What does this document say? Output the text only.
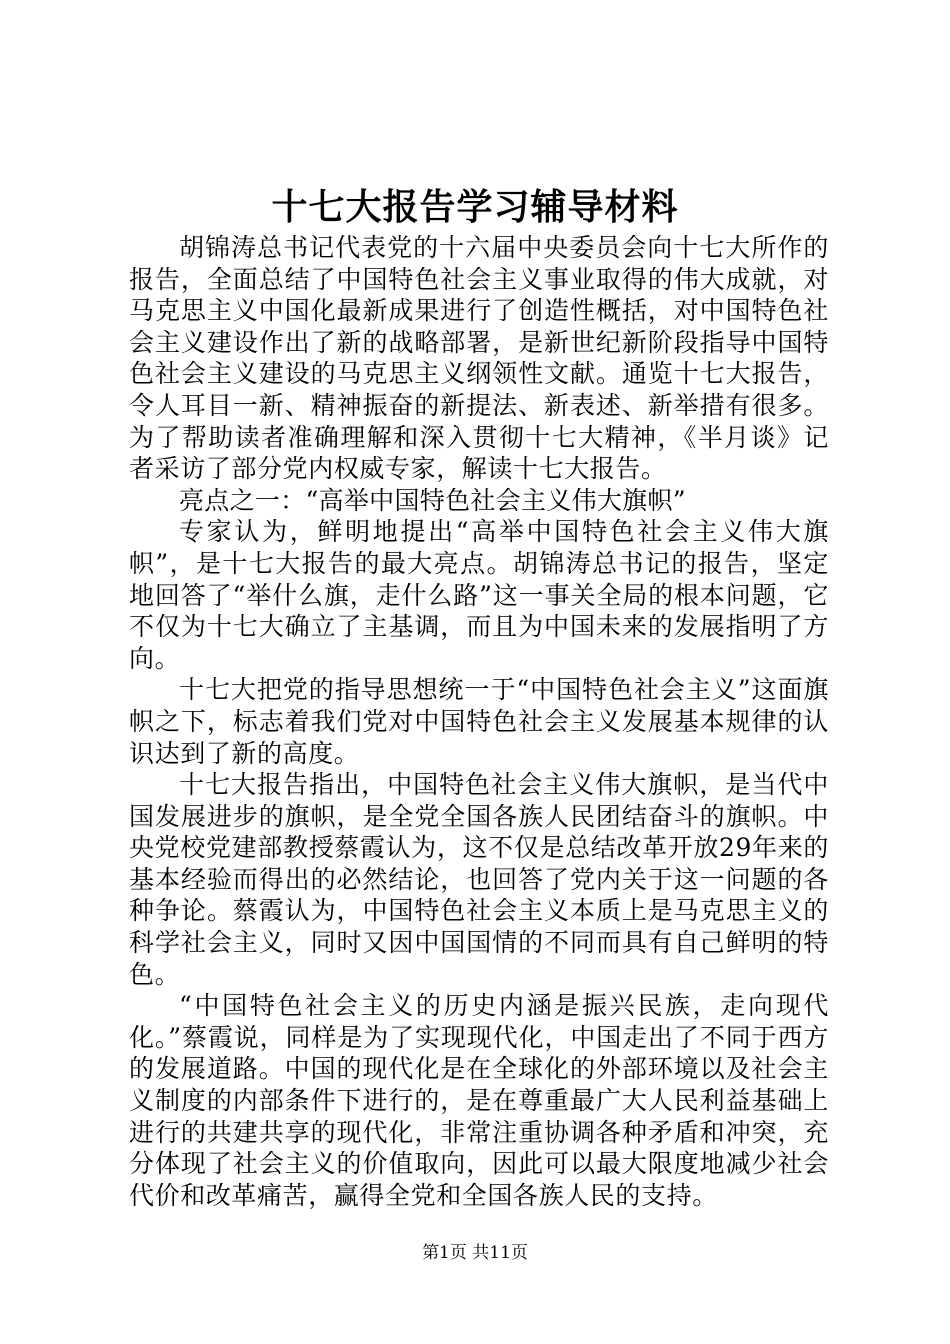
十七大报告学习辅导材料

胡锦涛总书记代表党的十六届中央委员会向十七大所作的报告，全面总结了中国特色社会主义事业取得的伟大成就，对马克思主义中国化最新成果进行了创造性概括，对中国特色社会主义建设作出了新的战略部署，是新世纪新阶段指导中国特色社会主义建设的马克思主义纲领性文献。通览十七大报告，令人耳目一新、精神振奋的新提法、新表述、新举措有很多。为了帮助读者准确理解和深入贯彻十七大精神，《半月谈》记者采访了部分党内权威专家，解读十七大报告。

亮点之一：“高举中国特色社会主义伟大旗帜”

专家认为，鲜明地提出“高举中国特色社会主义伟大旗帜”，是十七大报告的最大亮点。胡锦涛总书记的报告，坚定地回答了“举什么旗，走什么路”这一事关全局的根本问题，它不仅为十七大确立了主基调，而且为中国未来的发展指明了方向。

十七大把党的指导思想统一于“中国特色社会主义”这面旗帜之下，标志着我们党对中国特色社会主义发展基本规律的认识达到了新的高度。

十七大报告指出，中国特色社会主义伟大旗帜，是当代中国发展进步的旗帜，是全党全国各族人民团结奋斗的旗帜。中央党校党建部教授蔡霞认为，这不仅是总结改革开放29年来的基本经验而得出的必然结论，也回答了党内关于这一问题的各种争论。蔡霞认为，中国特色社会主义本质上是马克思主义的科学社会主义，同时又因中国国情的不同而具有自己鲜明的特色。

“中国特色社会主义的历史内涵是振兴民族，走向现代化。”蔡霞说，同样是为了实现现代化，中国走出了不同于西方的发展道路。中国的现代化是在全球化的外部环境以及社会主义制度的内部条件下进行的，是在尊重最广大人民利益基础上进行的共建共享的现代化，非常注重协调各种矛盾和冲突，充分体现了社会主义的价值取向，因此可以最大限度地减少社会代价和改革痛苦，赢得全党和全国各族人民的支持。

第1页 共11页
